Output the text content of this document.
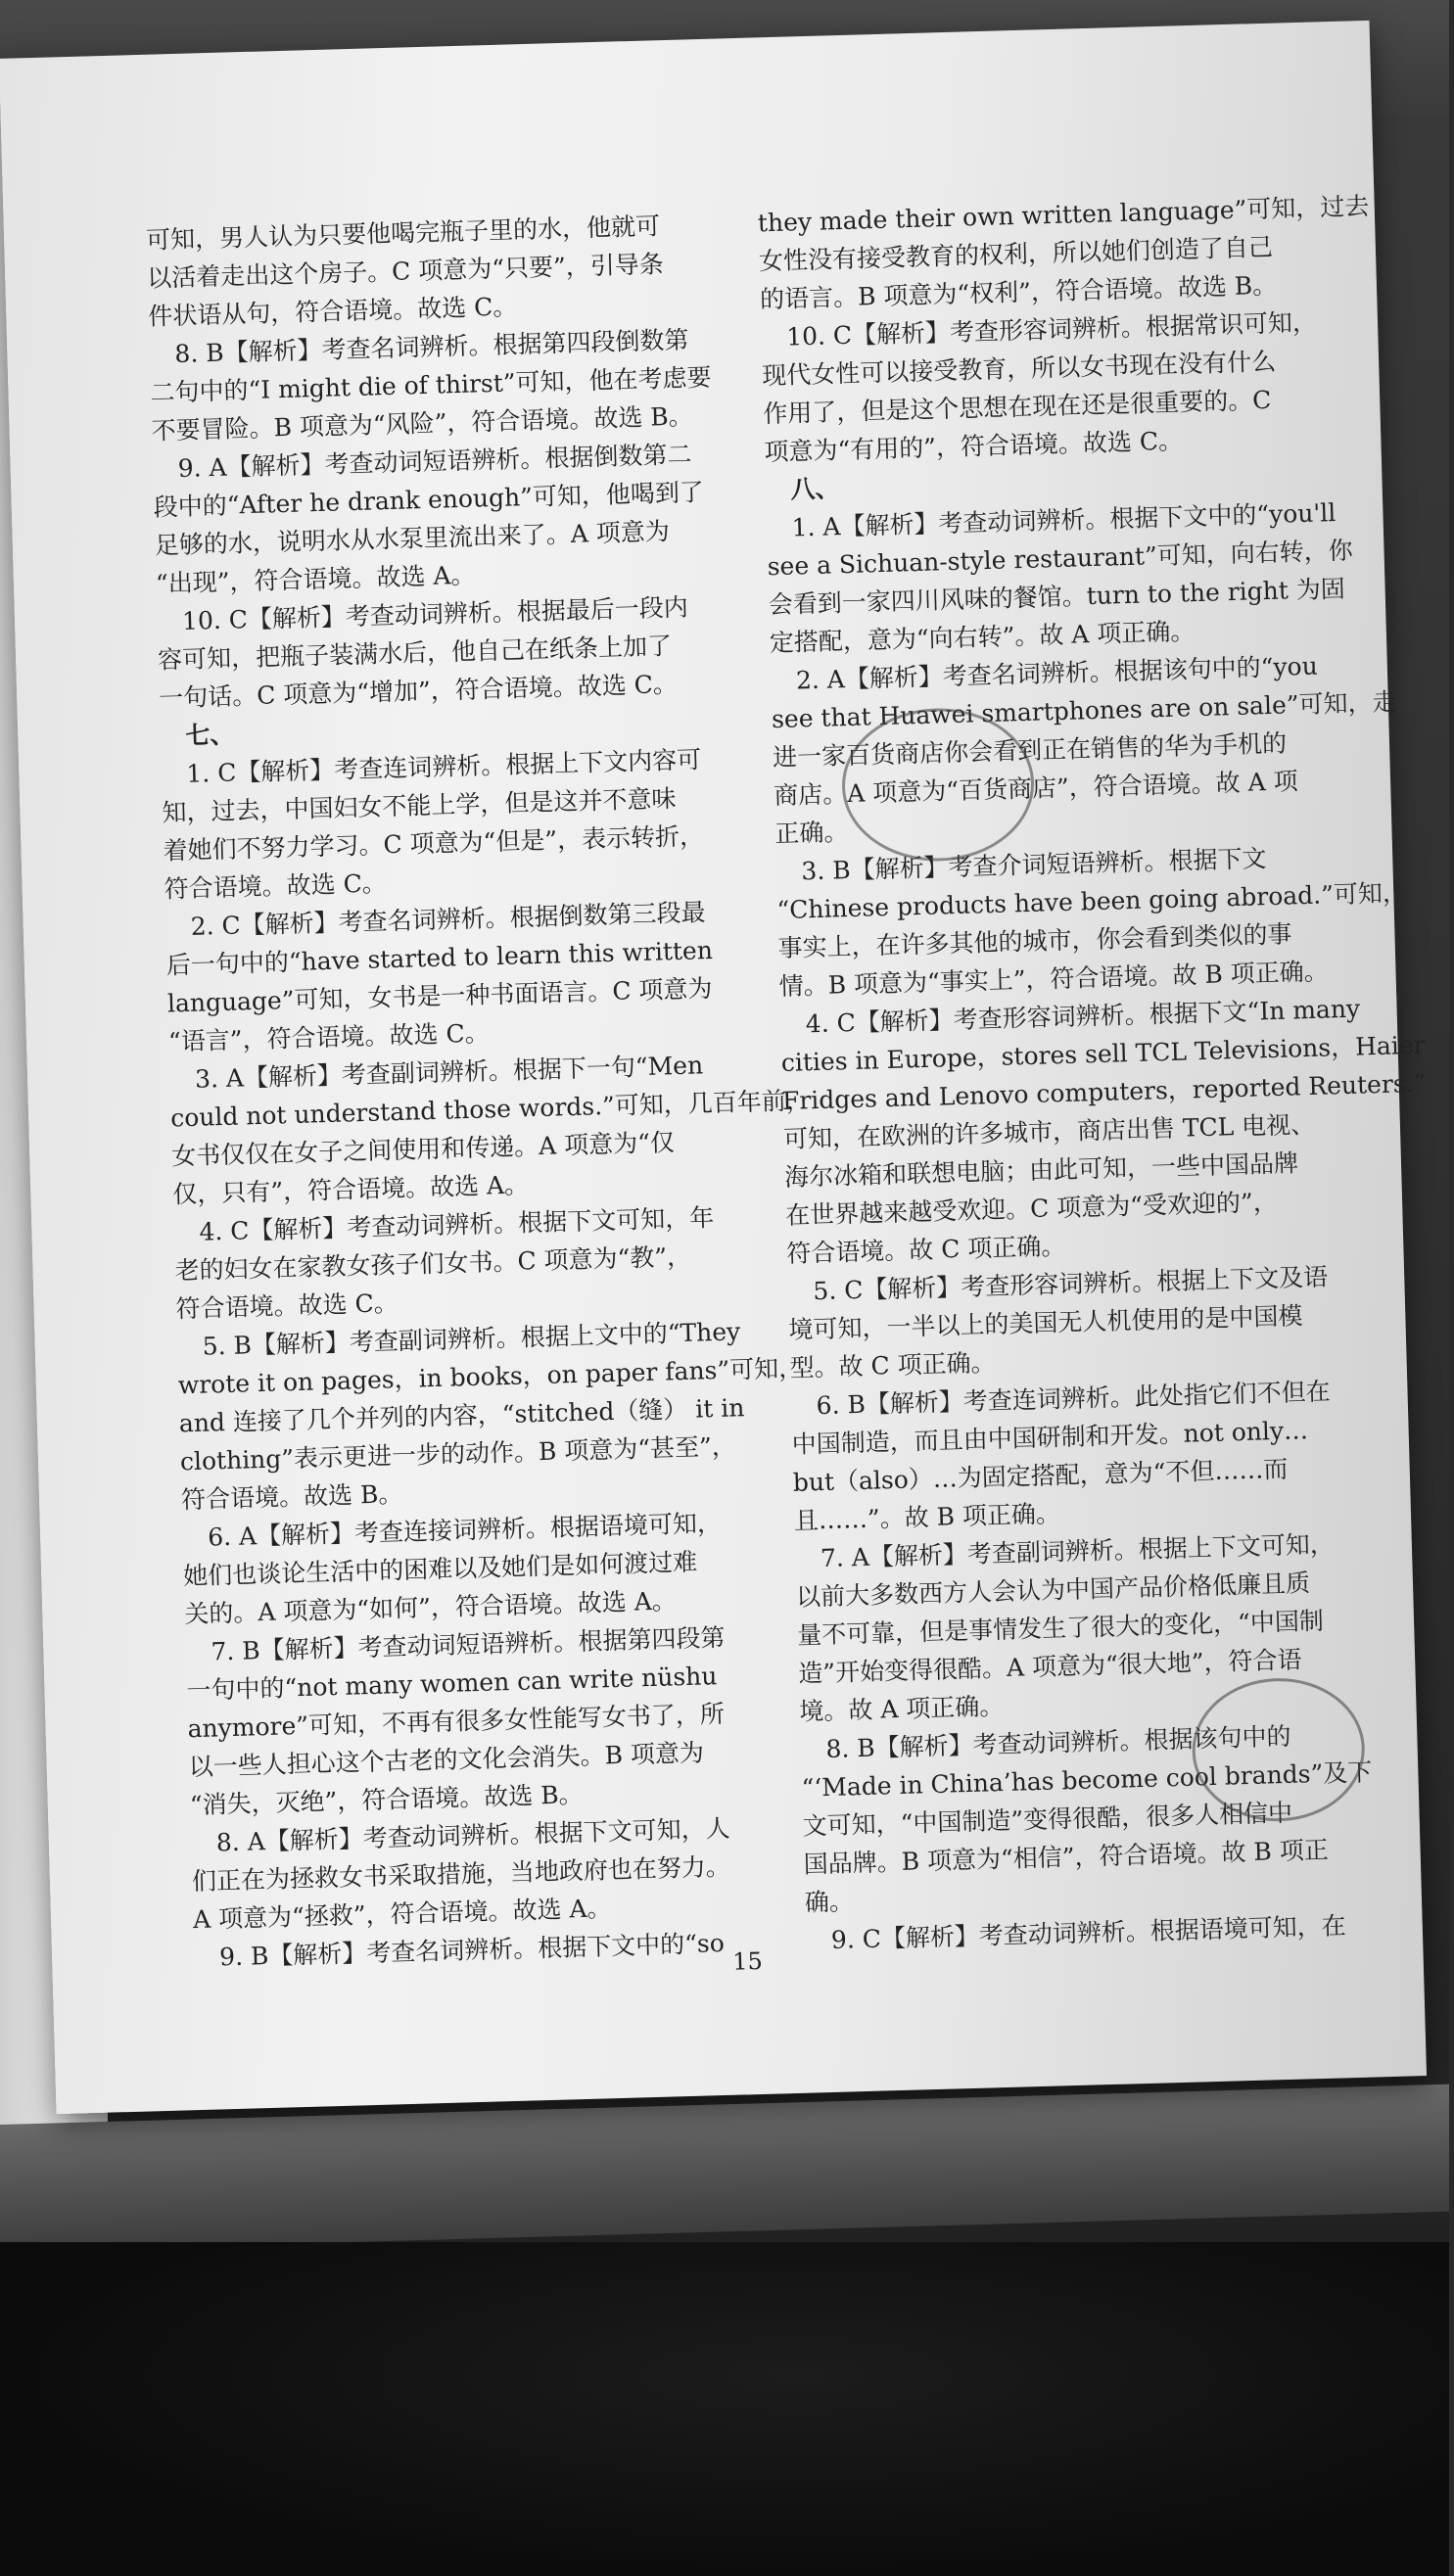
可知，男人认为只要他喝完瓶子里的水，他就可
以活着走出这个房子。C 项意为“只要”，引导条
件状语从句，符合语境。故选 C。
8. B【解析】考查名词辨析。根据第四段倒数第
二句中的“I might die of thirst”可知，他在考虑要
不要冒险。B 项意为“风险”，符合语境。故选 B。
9. A【解析】考查动词短语辨析。根据倒数第二
段中的“After he drank enough”可知，他喝到了
足够的水，说明水从水泵里流出来了。A 项意为
“出现”，符合语境。故选 A。
10. C【解析】考查动词辨析。根据最后一段内
容可知，把瓶子装满水后，他自己在纸条上加了
一句话。C 项意为“增加”，符合语境。故选 C。
七、
1. C【解析】考查连词辨析。根据上下文内容可
知，过去，中国妇女不能上学，但是这并不意味
着她们不努力学习。C 项意为“但是”，表示转折，
符合语境。故选 C。
2. C【解析】考查名词辨析。根据倒数第三段最
后一句中的“have started to learn this written
language”可知，女书是一种书面语言。C 项意为
“语言”，符合语境。故选 C。
3. A【解析】考查副词辨析。根据下一句“Men
could not understand those words.”可知，几百年前，
女书仅仅在女子之间使用和传递。A 项意为“仅
仅，只有”，符合语境。故选 A。
4. C【解析】考查动词辨析。根据下文可知，年
老的妇女在家教女孩子们女书。C 项意为“教”，
符合语境。故选 C。
5. B【解析】考查副词辨析。根据上文中的“They
wrote it on pages，in books，on paper fans”可知，
and 连接了几个并列的内容，“stitched（缝） it in
clothing”表示更进一步的动作。B 项意为“甚至”，
符合语境。故选 B。
6. A【解析】考查连接词辨析。根据语境可知，
她们也谈论生活中的困难以及她们是如何渡过难
关的。A 项意为“如何”，符合语境。故选 A。
7. B【解析】考查动词短语辨析。根据第四段第
一句中的“not many women can write nüshu
anymore”可知，不再有很多女性能写女书了，所
以一些人担心这个古老的文化会消失。B 项意为
“消失，灭绝”，符合语境。故选 B。
8. A【解析】考查动词辨析。根据下文可知，人
们正在为拯救女书采取措施，当地政府也在努力。
A 项意为“拯救”，符合语境。故选 A。
9. B【解析】考查名词辨析。根据下文中的“so
they made their own written language”可知，过去
女性没有接受教育的权利，所以她们创造了自己
的语言。B 项意为“权利”，符合语境。故选 B。
10. C【解析】考查形容词辨析。根据常识可知，
现代女性可以接受教育，所以女书现在没有什么
作用了，但是这个思想在现在还是很重要的。C
项意为“有用的”，符合语境。故选 C。
八、
1. A【解析】考查动词辨析。根据下文中的“you'll
see a Sichuan-style restaurant”可知，向右转，你
会看到一家四川风味的餐馆。turn to the right 为固
定搭配，意为“向右转”。故 A 项正确。
2. A【解析】考查名词辨析。根据该句中的“you
see that Huawei smartphones are on sale”可知，走
进一家百货商店你会看到正在销售的华为手机的
商店。A 项意为“百货商店”，符合语境。故 A 项
正确。
3. B【解析】考查介词短语辨析。根据下文
“Chinese products have been going abroad.”可知，
事实上，在许多其他的城市，你会看到类似的事
情。B 项意为“事实上”，符合语境。故 B 项正确。
4. C【解析】考查形容词辨析。根据下文“In many
cities in Europe，stores sell TCL Televisions，Haier
Fridges and Lenovo computers，reported Reuters.”
可知，在欧洲的许多城市，商店出售 TCL 电视、
海尔冰箱和联想电脑；由此可知，一些中国品牌
在世界越来越受欢迎。C 项意为“受欢迎的”，
符合语境。故 C 项正确。
5. C【解析】考查形容词辨析。根据上下文及语
境可知，一半以上的美国无人机使用的是中国模
型。故 C 项正确。
6. B【解析】考查连词辨析。此处指它们不但在
中国制造，而且由中国研制和开发。not only…
but（also）…为固定搭配，意为“不但……而
且……”。故 B 项正确。
7. A【解析】考查副词辨析。根据上下文可知，
以前大多数西方人会认为中国产品价格低廉且质
量不可靠，但是事情发生了很大的变化，“中国制
造”开始变得很酷。A 项意为“很大地”，符合语
境。故 A 项正确。
8. B【解析】考查动词辨析。根据该句中的
“‘Made in China’has become cool brands”及下
文可知，“中国制造”变得很酷，很多人相信中
国品牌。B 项意为“相信”，符合语境。故 B 项正
确。
9. C【解析】考查动词辨析。根据语境可知，在
15
